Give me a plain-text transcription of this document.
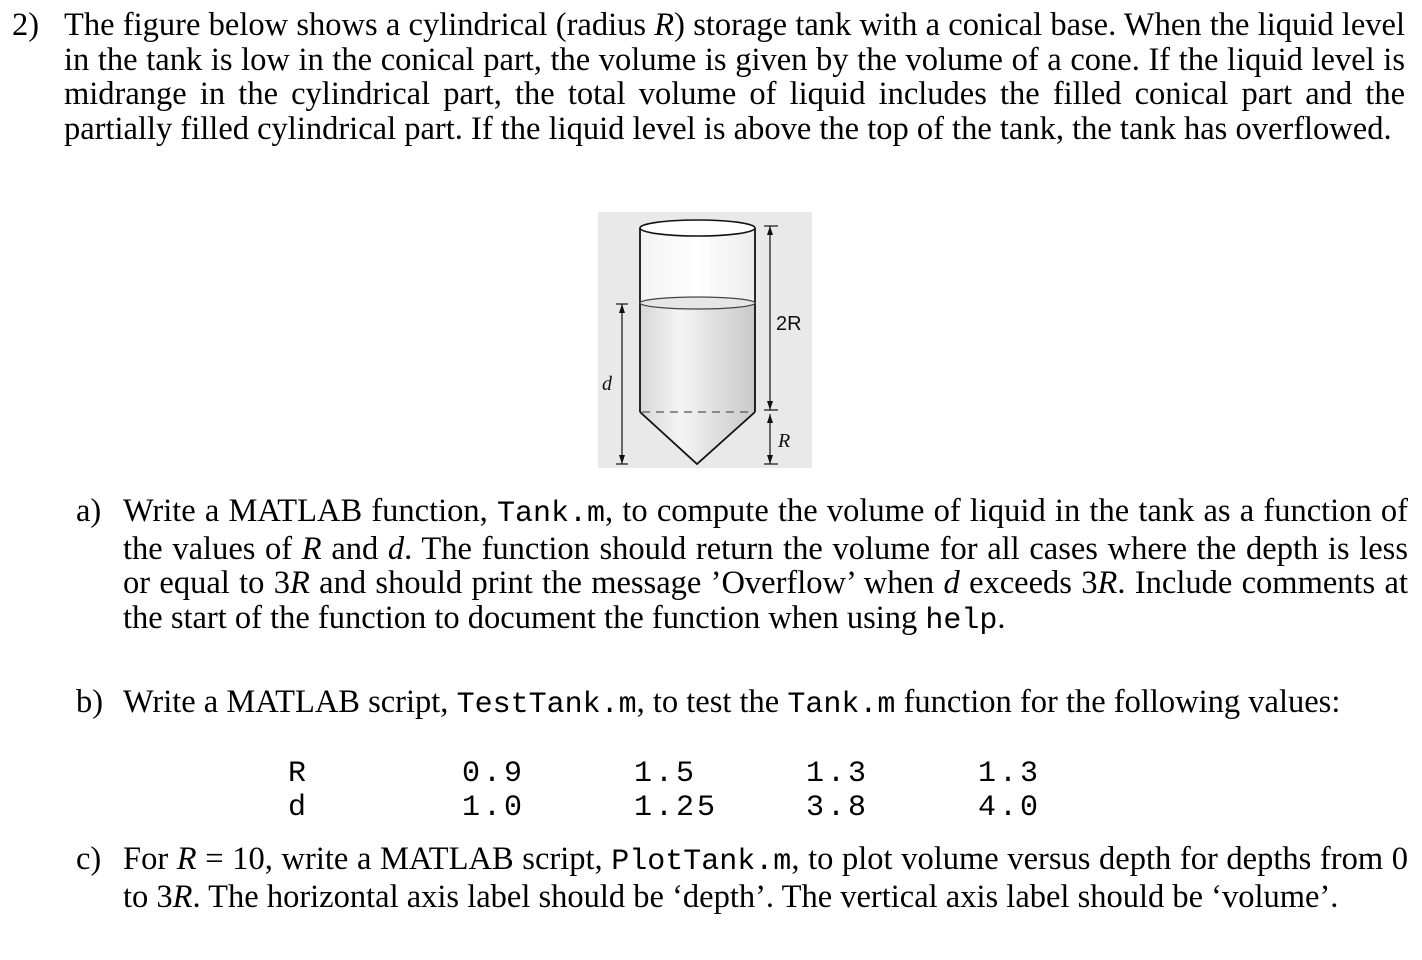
2) The figure below shows a cylindrical (radius R) storage tank with a conical base. When the liquid level in the tank is low in the conical part, the volume is given by the volume of a cone. If the liquid level is midrange in the cylindrical part, the total volume of liquid includes the filled conical part and the partially filled cylindrical part. If the liquid level is above the top of the tank, the tank has overflowed.

2R
d
R
a) Write a MATLAB function, Tank.m, to compute the volume of liquid in the tank as a function of the values of R and d. The function should return the volume for all cases where the depth is less or equal to 3R and should print the message ’Overflow’ when d exceeds 3R. Include comments at the start of the function to document the function when using help.

b) Write a MATLAB script, TestTank.m, to test the Tank.m function for the following values:

R	0.9	1.5	1.3	1.3
d	1.0	1.25	3.8	4.0
c) For R = 10, write a MATLAB script, PlotTank.m, to plot volume versus depth for depths from 0 to 3R. The horizontal axis label should be ‘depth’. The vertical axis label should be ‘volume’.
